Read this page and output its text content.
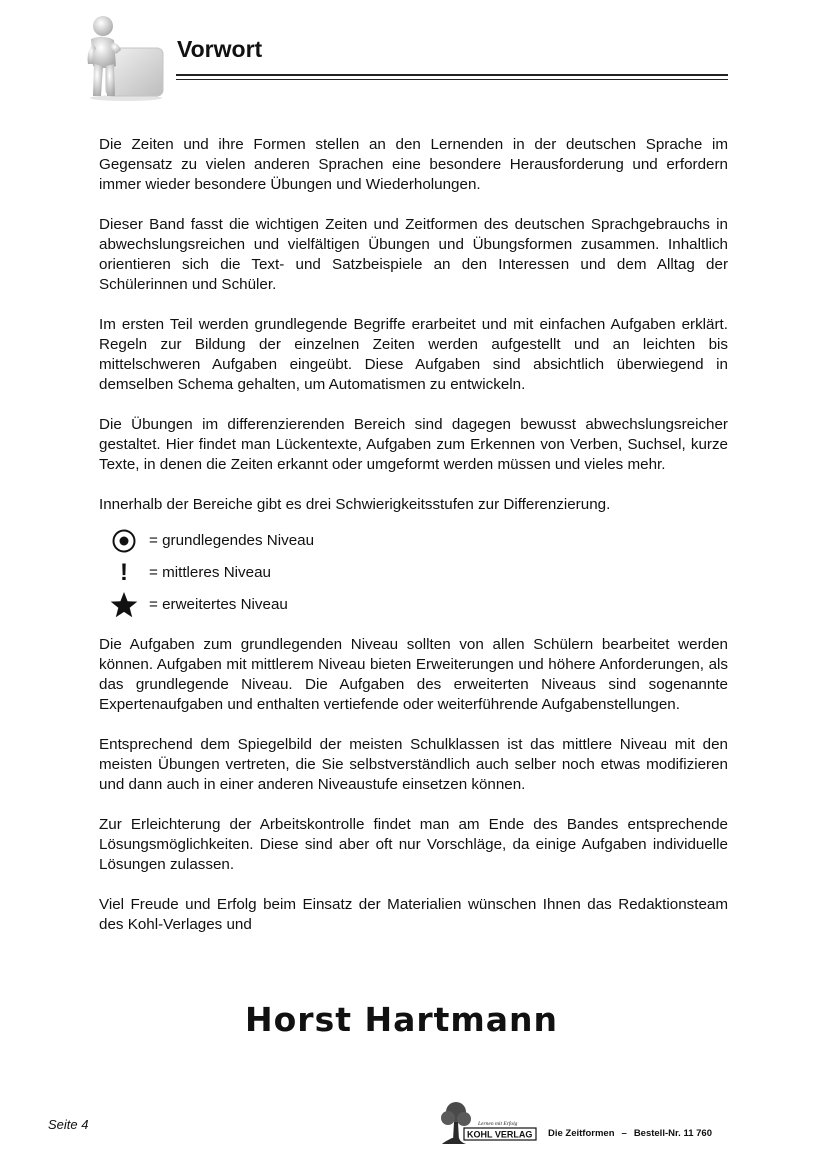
Vorwort

Die Zeiten und ihre Formen stellen an den Lernenden in der deutschen Sprache im Gegensatz zu vielen anderen Sprachen eine besondere Herausforderung und erfordern immer wieder besondere Übungen und Wiederholungen.

Dieser Band fasst die wichtigen Zeiten und Zeitformen des deutschen Sprachgebrauchs in abwechslungsreichen und vielfältigen Übungen und Übungsformen zusammen. Inhaltlich orientieren sich die Text- und Satzbeispiele an den Interessen und dem Alltag der Schülerinnen und Schüler.

Im ersten Teil werden grundlegende Begriffe erarbeitet und mit einfachen Aufgaben erklärt. Regeln zur Bildung der einzelnen Zeiten werden aufgestellt und an leichten bis mittelschweren Aufgaben eingeübt. Diese Aufgaben sind absichtlich überwiegend in demselben Schema gehalten, um Automatismen zu entwickeln.

Die Übungen im differenzierenden Bereich sind dagegen bewusst abwechslungsreicher gestaltet. Hier findet man Lückentexte, Aufgaben zum Erkennen von Verben, Suchsel, kurze Texte, in denen die Zeiten erkannt oder umgeformt werden müssen und vieles mehr.

Innerhalb der Bereiche gibt es drei Schwierigkeitsstufen zur Differenzierung.

= grundlegendes Niveau
!	= mittleres Niveau
= erweitertes Niveau

Die Aufgaben zum grundlegenden Niveau sollten von allen Schülern bearbeitet werden können. Aufgaben mit mittlerem Niveau bieten Erweiterungen und höhere Anforderungen, als das grundlegende Niveau. Die Aufgaben des erweiterten Niveaus sind sogenannte Expertenaufgaben und enthalten vertiefende oder weiterführende Aufgabenstellungen.

Entsprechend dem Spiegelbild der meisten Schulklassen ist das mittlere Niveau mit den meisten Übungen vertreten, die Sie selbstverständlich auch selber noch etwas modifizieren und dann auch in einer anderen Niveaustufe einsetzen können.

Zur Erleichterung der Arbeitskontrolle findet man am Ende des Bandes entsprechende Lösungsmöglichkeiten. Diese sind aber oft nur Vorschläge, da einige Aufgaben individuelle Lösungen zulassen.

Viel Freude und Erfolg beim Einsatz der Materialien wünschen Ihnen das Redaktionsteam des Kohl-Verlages und

Horst Hartmann
Seite 4	Lernen mit Erfolg
KOHL VERLAG Die Zeitformen – Bestell-Nr. 11 760
